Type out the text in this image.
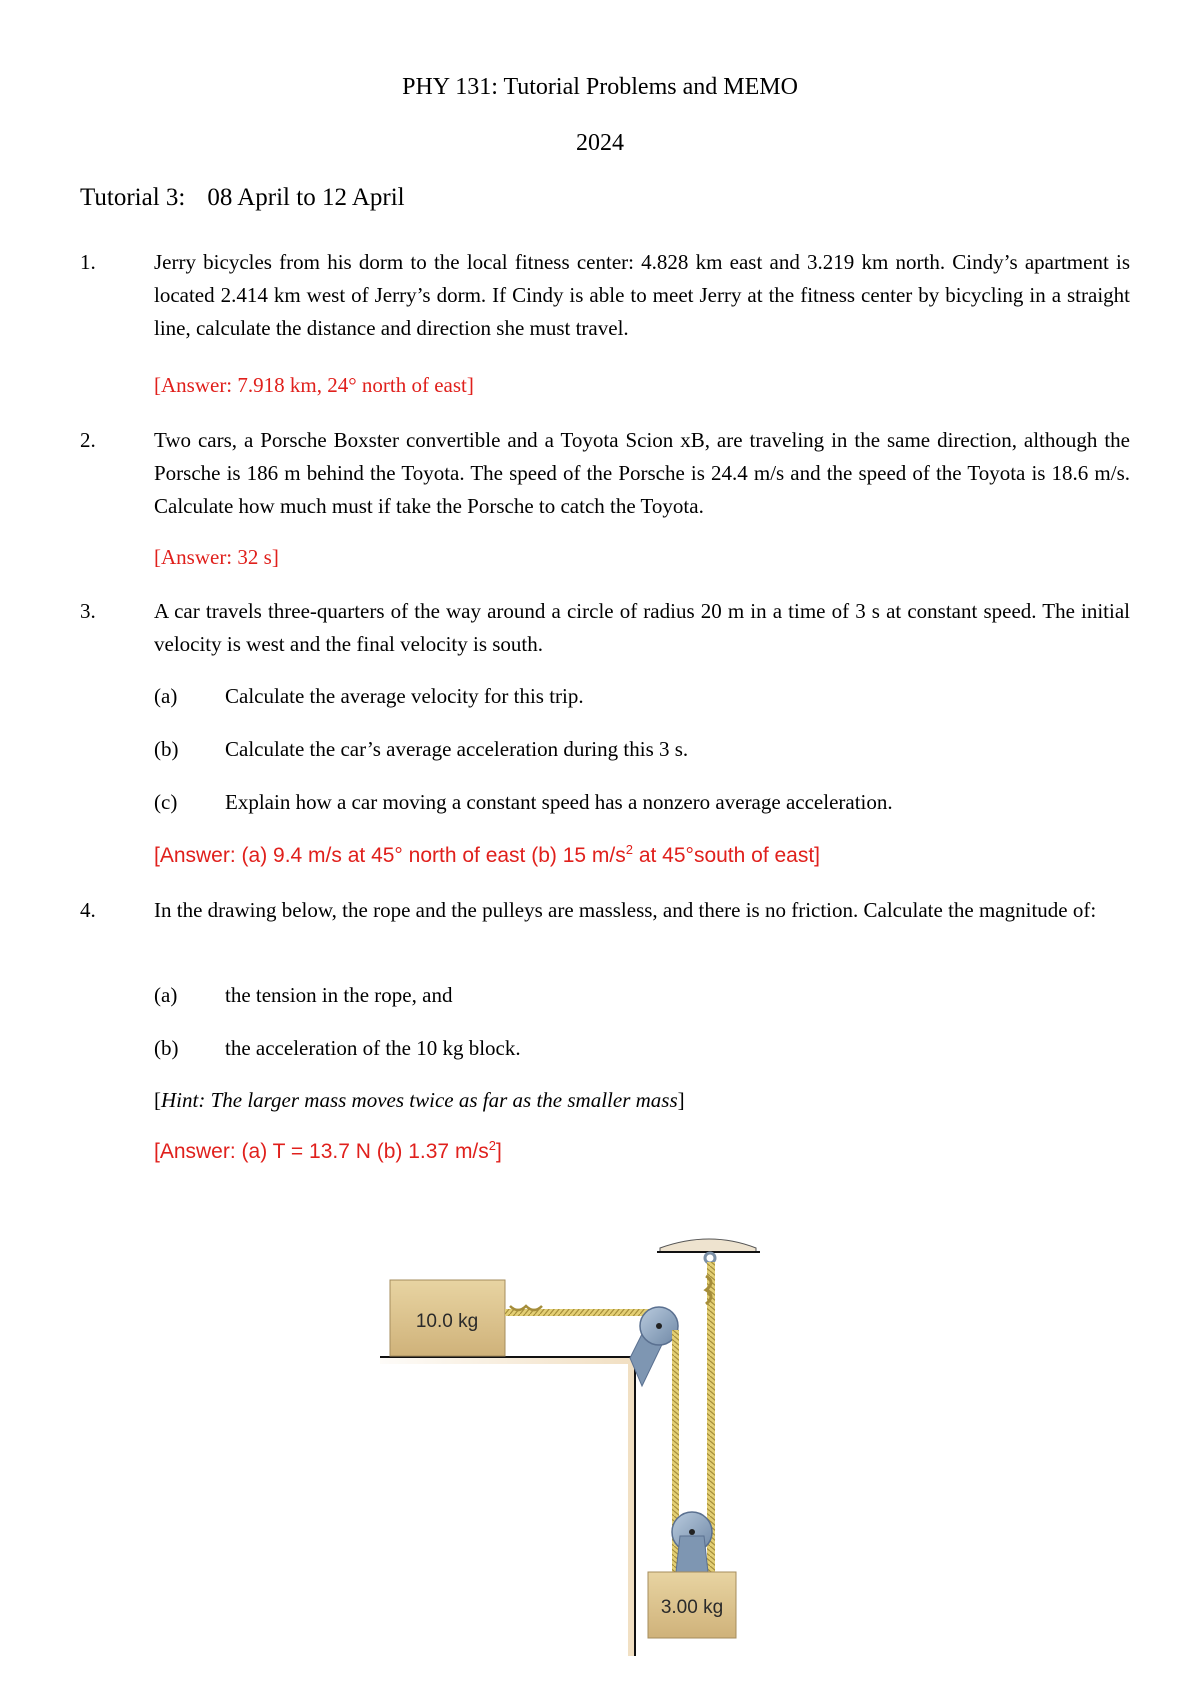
PHY 131: Tutorial Problems and MEMO
2024
Tutorial 3: 08 April to 12 April
1.	Jerry bicycles from his dorm to the local fitness center: 4.828 km east and 3.219 km north. Cindy’s apartment is located 2.414 km west of Jerry’s dorm. If Cindy is able to meet Jerry at the fitness center by bicycling in a straight line, calculate the distance and direction she must travel.
[Answer: 7.918 km, 24° north of east]
2.	Two cars, a Porsche Boxster convertible and a Toyota Scion xB, are traveling in the same direction, although the Porsche is 186 m behind the Toyota. The speed of the Porsche is 24.4 m/s and the speed of the Toyota is 18.6 m/s. Calculate how much must if take the Porsche to catch the Toyota.
[Answer: 32 s]
3.	A car travels three-quarters of the way around a circle of radius 20 m in a time of 3 s at constant speed. The initial velocity is west and the final velocity is south.
(a) Calculate the average velocity for this trip.
(b) Calculate the car’s average acceleration during this 3 s.
(c) Explain how a car moving a constant speed has a nonzero average acceleration.
[Answer: (a) 9.4 m/s at 45° north of east (b) 15 $m/s^2$ at 45°south of east]
4.	In the drawing below, the rope and the pulleys are massless, and there is no friction. Calculate the magnitude of:
(a) the tension in the rope, and
(b) the acceleration of the 10 kg block.
[Hint: The larger mass moves twice as far as the smaller mass]
[Answer: (a) T = 13.7 N (b) 1.37 $m/s^2$]
10.0 kg
3.00 kg
